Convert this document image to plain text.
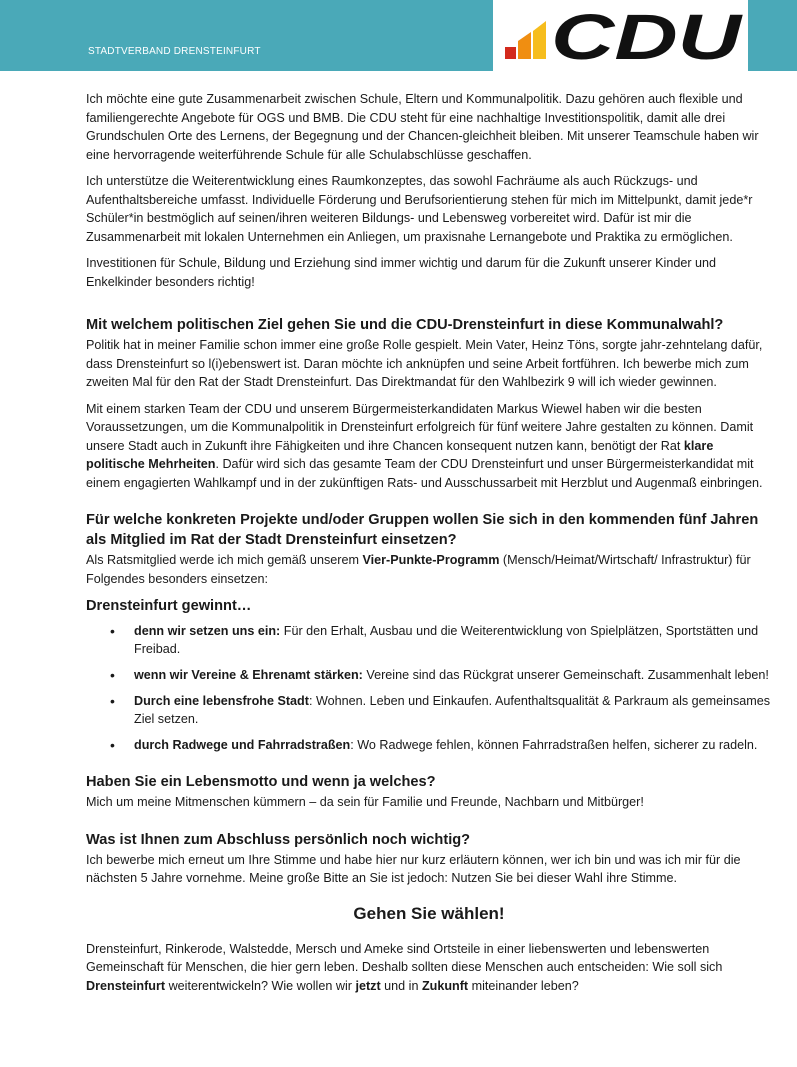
STADTVERBAND DRENSTEINFURT	CDU

Ich möchte eine gute Zusammenarbeit zwischen Schule, Eltern und Kommunalpolitik. Dazu gehören auch flexible und familiengerechte Angebote für OGS und BMB. Die CDU steht für eine nachhaltige Investitionspolitik, damit alle drei Grundschulen Orte des Lernens, der Begegnung und der Chancen-gleichheit bleiben. Mit unserer Teamschule haben wir eine hervorragende weiterführende Schule für alle Schulabschlüsse geschaffen.

Ich unterstütze die Weiterentwicklung eines Raumkonzeptes, das sowohl Fachräume als auch Rückzugs- und Aufenthaltsbereiche umfasst. Individuelle Förderung und Berufsorientierung stehen für mich im Mittelpunkt, damit jede*r Schüler*in bestmöglich auf seinen/ihren weiteren Bildungs- und Lebensweg vorbereitet wird. Dafür ist mir die Zusammenarbeit mit lokalen Unternehmen ein Anliegen, um praxisnahe Lernangebote und Praktika zu ermöglichen.

Investitionen für Schule, Bildung und Erziehung sind immer wichtig und darum für die Zukunft unserer Kinder und Enkelkinder besonders richtig!

Mit welchem politischen Ziel gehen Sie und die CDU-Drensteinfurt in diese Kommunalwahl?

Politik hat in meiner Familie schon immer eine große Rolle gespielt. Mein Vater, Heinz Töns, sorgte jahr-zehntelang dafür, dass Drensteinfurt so l(i)ebenswert ist. Daran möchte ich anknüpfen und seine Arbeit fortführen. Ich bewerbe mich zum zweiten Mal für den Rat der Stadt Drensteinfurt. Das Direktmandat für den Wahlbezirk 9 will ich wieder gewinnen.

Mit einem starken Team der CDU und unserem Bürgermeisterkandidaten Markus Wiewel haben wir die besten Voraussetzungen, um die Kommunalpolitik in Drensteinfurt erfolgreich für fünf weitere Jahre gestalten zu können. Damit unsere Stadt auch in Zukunft ihre Fähigkeiten und ihre Chancen konsequent nutzen kann, benötigt der Rat klare politische Mehrheiten. Dafür wird sich das gesamte Team der CDU Drensteinfurt und unser Bürgermeisterkandidat mit einem engagierten Wahlkampf und in der zukünftigen Rats- und Ausschussarbeit mit Herzblut und Augenmaß einbringen.

Für welche konkreten Projekte und/oder Gruppen wollen Sie sich in den kommenden fünf Jahren als Mitglied im Rat der Stadt Drensteinfurt einsetzen?

Als Ratsmitglied werde ich mich gemäß unserem Vier-Punkte-Programm (Mensch/Heimat/Wirtschaft/ Infrastruktur) für Folgendes besonders einsetzen:

Drensteinfurt gewinnt…
• denn wir setzen uns ein: Für den Erhalt, Ausbau und die Weiterentwicklung von Spielplätzen, Sportstätten und Freibad.
• wenn wir Vereine & Ehrenamt stärken: Vereine sind das Rückgrat unserer Gemeinschaft. Zusammenhalt leben!
• Durch eine lebensfrohe Stadt: Wohnen. Leben und Einkaufen. Aufenthaltsqualität & Parkraum als gemeinsames Ziel setzen.
• durch Radwege und Fahrradstraßen: Wo Radwege fehlen, können Fahrradstraßen helfen, sicherer zu radeln.
Haben Sie ein Lebensmotto und wenn ja welches?

Mich um meine Mitmenschen kümmern – da sein für Familie und Freunde, Nachbarn und Mitbürger!

Was ist Ihnen zum Abschluss persönlich noch wichtig?

Ich bewerbe mich erneut um Ihre Stimme und habe hier nur kurz erläutern können, wer ich bin und was ich mir für die nächsten 5 Jahre vornehme. Meine große Bitte an Sie ist jedoch: Nutzen Sie bei dieser Wahl ihre Stimme.

Gehen Sie wählen!

Drensteinfurt, Rinkerode, Walstedde, Mersch und Ameke sind Ortsteile in einer liebenswerten und lebenswerten Gemeinschaft für Menschen, die hier gern leben. Deshalb sollten diese Menschen auch entscheiden: Wie soll sich Drensteinfurt weiterentwickeln? Wie wollen wir jetzt und in Zukunft miteinander leben?
